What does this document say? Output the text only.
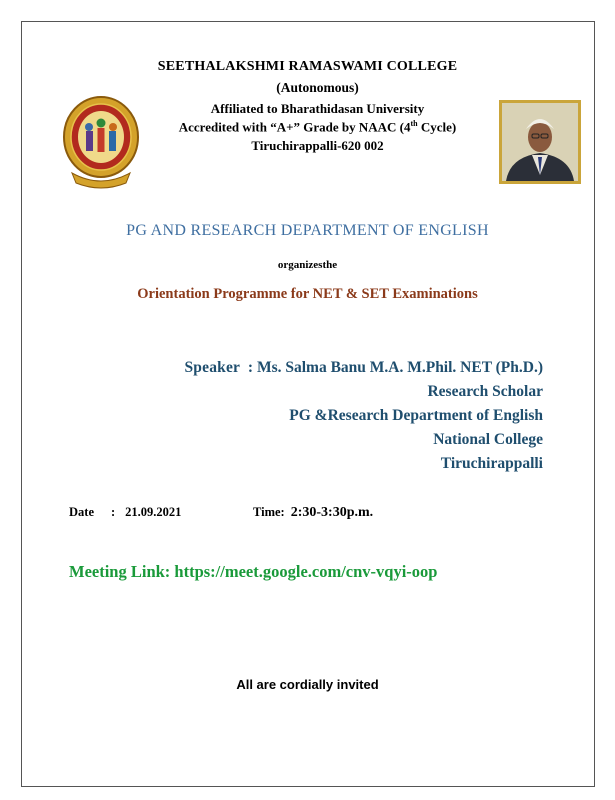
SEETHALAKSHMI RAMASWAMI COLLEGE
(Autonomous)
Affiliated to Bharathidasan University
Accredited with “A+” Grade by NAAC (4th Cycle)
Tiruchirappalli-620 002
PG AND RESEARCH DEPARTMENT OF ENGLISH
organizesthe
Orientation Programme for NET & SET Examinations
Speaker : Ms. Salma Banu M.A. M.Phil. NET (Ph.D.)
Research Scholar
PG &Research Department of English
National College
Tiruchirappalli
Date : 21.09.2021	Time: 2:30-3:30p.m.
Meeting Link: https://meet.google.com/cnv-vqyi-oop
All are cordially invited
